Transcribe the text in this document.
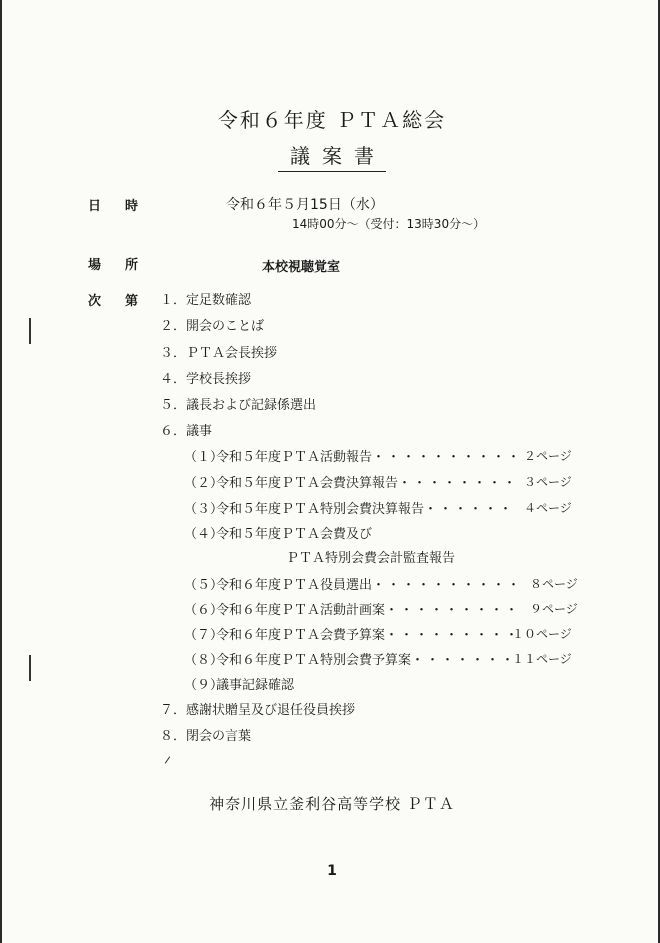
令和６年度 ＰＴＡ総会
議案書
日 時	令和６年５月15日（水）
14時00分～（受付：13時30分～）
場 所	本校視聴覚室
次 第 １．定足数確認
２．開会のことば
３．ＰＴＡ会長挨拶
４．学校長挨拶
５．議長および記録係選出
６．議事
（１）令和５年度ＰＴＡ活動報告・・・・・・・・・・ ２ページ
（２）令和５年度ＰＴＡ会費決算報告・・・・・・・・ ３ページ
（３）令和５年度ＰＴＡ特別会費決算報告・・・・・・ ４ページ
（４）令和５年度ＰＴＡ会費及び
ＰＴＡ特別会費会計監査報告
（５）令和６年度ＰＴＡ役員選出・・・・・・・・・・ ８ページ
（６）令和６年度ＰＴＡ活動計画案・・・・・・・・・ ９ページ
（７）令和６年度ＰＴＡ会費予算案・・・・・・・・・
１０ページ
（８）令和６年度ＰＴＡ特別会費予算案・・・・・・・
１１ページ
（９）議事記録確認
７．感謝状贈呈及び退任役員挨拶
８．閉会の言葉
神奈川県立釜利谷高等学校 ＰＴＡ
1
